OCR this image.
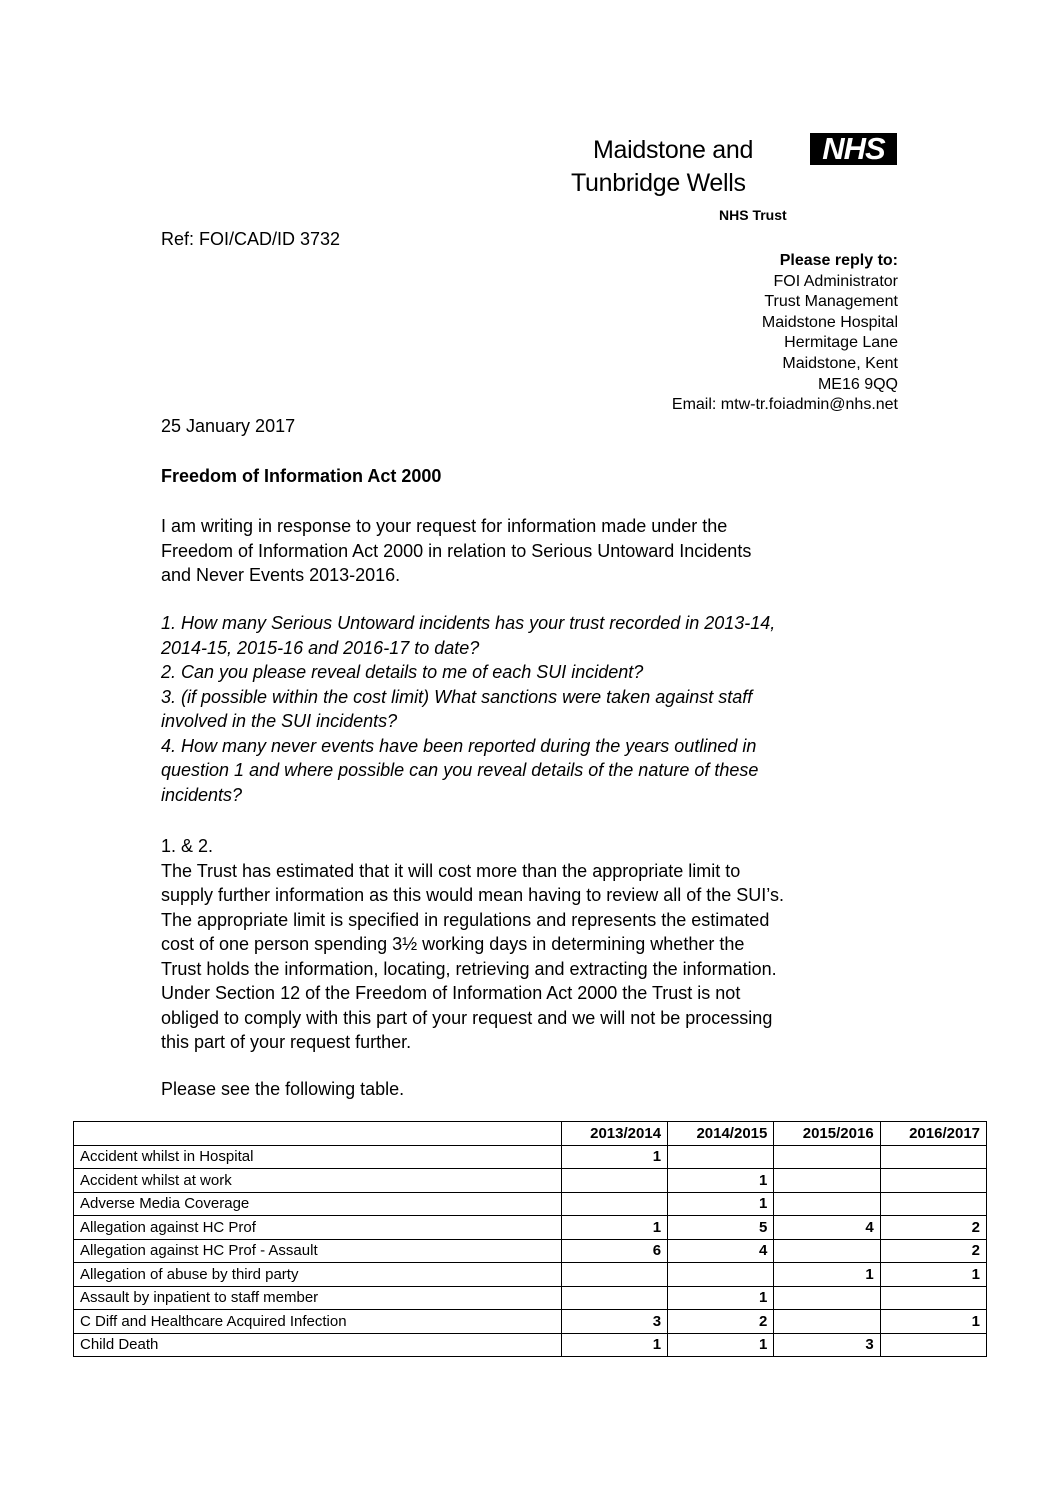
Maidstone and	NHS
Tunbridge Wells
NHS Trust
Ref: FOI/CAD/ID 3732
Please reply to:
FOI Administrator
Trust Management
Maidstone Hospital
Hermitage Lane
Maidstone, Kent
ME16 9QQ
Email: mtw-tr.foiadmin@nhs.net
25 January 2017
Freedom of Information Act 2000
I am writing in response to your request for information made under the
Freedom of Information Act 2000 in relation to Serious Untoward Incidents
and Never Events 2013-2016.
1. How many Serious Untoward incidents has your trust recorded in 2013-14,
2014-15, 2015-16 and 2016-17 to date?
2. Can you please reveal details to me of each SUI incident?
3. (if possible within the cost limit) What sanctions were taken against staff
involved in the SUI incidents?
4. How many never events have been reported during the years outlined in
question 1 and where possible can you reveal details of the nature of these
incidents?
1. & 2.
The Trust has estimated that it will cost more than the appropriate limit to
supply further information as this would mean having to review all of the SUI’s.
The appropriate limit is specified in regulations and represents the estimated
cost of one person spending 3½ working days in determining whether the
Trust holds the information, locating, retrieving and extracting the information.
Under Section 12 of the Freedom of Information Act 2000 the Trust is not
obliged to comply with this part of your request and we will not be processing
this part of your request further.
Please see the following table.
	2013/2014	2014/2015	2015/2016	2016/2017
Accident whilst in Hospital	1			
Accident whilst at work		1		
Adverse Media Coverage		1		
Allegation against HC Prof	1	5	4	2
Allegation against HC Prof - Assault	6	4		2
Allegation of abuse by third party			1	1
Assault by inpatient to staff member		1		
C Diff and Healthcare Acquired Infection	3	2		1
Child Death	1	1	3	
